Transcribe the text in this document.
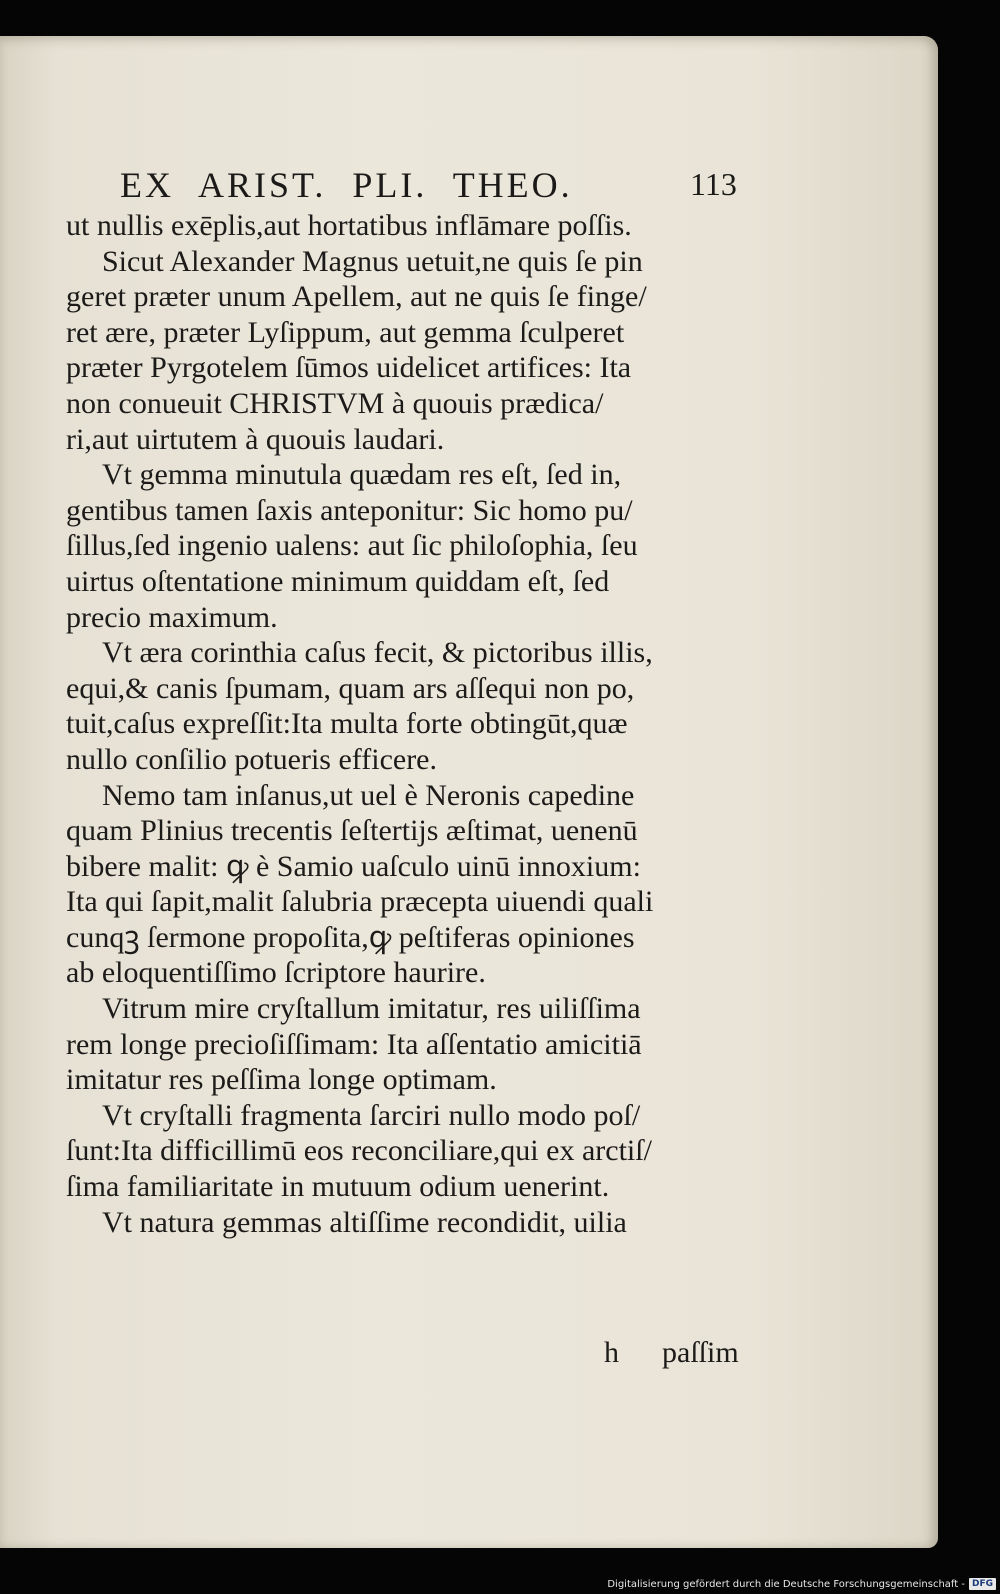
EX ARIST. PLI. THEO.	113
ut nullis exēplis,aut hortatibus inflāmare poſſis.
Sicut Alexander Magnus uetuit,ne quis ſe pin
geret præter unum Apellem, aut ne quis ſe finge/
ret ære, præter Lyſippum, aut gemma ſculperet
præter Pyrgotelem ſūmos uidelicet artifices: Ita
non conueuit CHRISTVM à quouis prædica/
ri,aut uirtutem à quouis laudari.
Vt gemma minutula quædam res eſt, ſed in,
gentibus tamen ſaxis anteponitur: Sic homo pu/
ſillus,ſed ingenio ualens: aut ſic philoſophia, ſeu
uirtus oſtentatione minimum quiddam eſt, ſed
precio maximum.
Vt æra corinthia caſus fecit, & pictoribus illis,
equi,& canis ſpumam, quam ars aſſequi non po,
tuit,caſus expreſſit:Ita multa forte obtingūt,quæ
nullo conſilio potueris efficere.
Nemo tam inſanus,ut uel è Neronis capedine
quam Plinius trecentis ſeſtertijs æſtimat, uenenū
bibere malit: ꝙ è Samio uaſculo uinū innoxium:
Ita qui ſapit,malit ſalubria præcepta uiuendi quali
cunqꝫ ſermone propoſita,ꝙ peſtiferas opiniones
ab eloquentiſſimo ſcriptore haurire.
Vitrum mire cryſtallum imitatur, res uiliſſima
rem longe precioſiſſimam: Ita aſſentatio amicitiā
imitatur res peſſima longe optimam.
Vt cryſtalli fragmenta ſarciri nullo modo poſ/
ſunt:Ita difficillimū eos reconciliare,qui ex arctiſ/
ſima familiaritate in mutuum odium uenerint.
Vt natura gemmas altiſſime recondidit, uilia
h paſſim
Digitalisierung gefördert durch die Deutsche Forschungsgemeinschaft - DFG
